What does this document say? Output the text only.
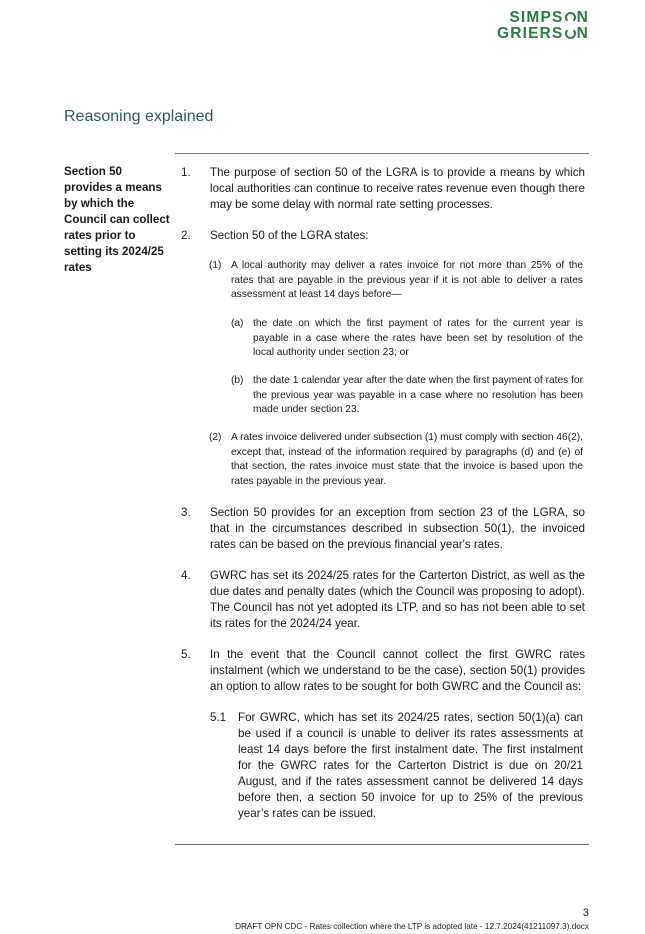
SIMPS N
GRIERS N
Reasoning explained
Section 50 provides a means by which the Council can collect rates prior to setting its 2024/25 rates
1. The purpose of section 50 of the LGRA is to provide a means by which local authorities can continue to receive rates revenue even though there may be some delay with normal rate setting processes.
2. Section 50 of the LGRA states:
(1) A local authority may deliver a rates invoice for not more than 25% of the rates that are payable in the previous year if it is not able to deliver a rates assessment at least 14 days before—
(a) the date on which the first payment of rates for the current year is payable in a case where the rates have been set by resolution of the local authority under section 23; or
(b) the date 1 calendar year after the date when the first payment of rates for the previous year was payable in a case where no resolution has been made under section 23.
(2) A rates invoice delivered under subsection (1) must comply with section 46(2), except that, instead of the information required by paragraphs (d) and (e) of that section, the rates invoice must state that the invoice is based upon the rates payable in the previous year.
3. Section 50 provides for an exception from section 23 of the LGRA, so that in the circumstances described in subsection 50(1), the invoiced rates can be based on the previous financial year's rates.
4. GWRC has set its 2024/25 rates for the Carterton District, as well as the due dates and penalty dates (which the Council was proposing to adopt). The Council has not yet adopted its LTP, and so has not been able to set its rates for the 2024/24 year.
5. In the event that the Council cannot collect the first GWRC rates instalment (which we understand to be the case), section 50(1) provides an option to allow rates to be sought for both GWRC and the Council as:
5.1 For GWRC, which has set its 2024/25 rates, section 50(1)(a) can be used if a council is unable to deliver its rates assessments at least 14 days before the first instalment date. The first instalment for the GWRC rates for the Carterton District is due on 20/21 August, and if the rates assessment cannot be delivered 14 days before then, a section 50 invoice for up to 25% of the previous year’s rates can be issued.
3
DRAFT OPN CDC - Rates collection where the LTP is adopted late - 12.7.2024(41211097.3).docx
